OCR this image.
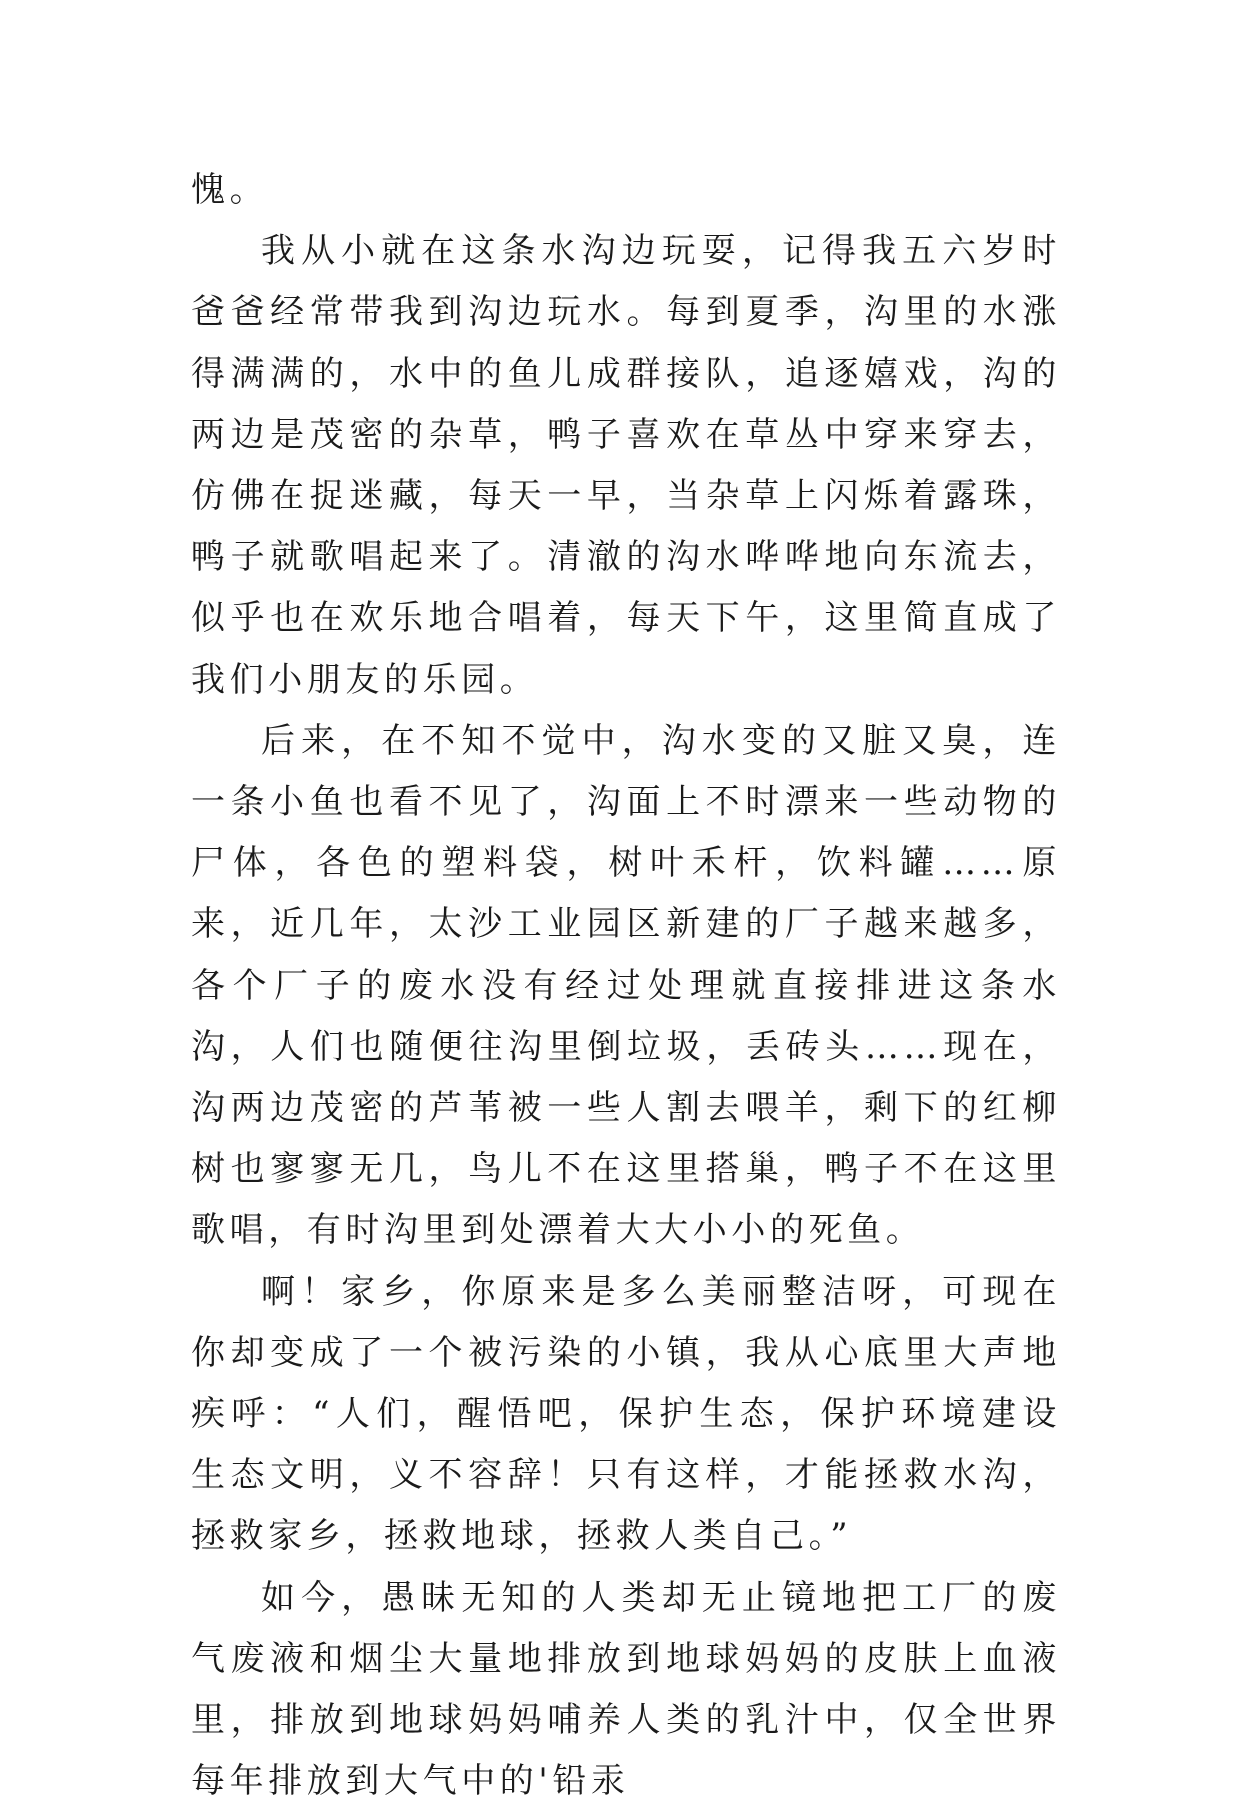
愧。

我从小就在这条水沟边玩耍，记得我五六岁时爸爸经常带我到沟边玩水。每到夏季，沟里的水涨得满满的，水中的鱼儿成群接队，追逐嬉戏，沟的两边是茂密的杂草，鸭子喜欢在草丛中穿来穿去，仿佛在捉迷藏，每天一早，当杂草上闪烁着露珠，鸭子就歌唱起来了。清澈的沟水哗哗地向东流去，似乎也在欢乐地合唱着，每天下午，这里简直成了我们小朋友的乐园。

后来，在不知不觉中，沟水变的又脏又臭，连一条小鱼也看不见了，沟面上不时漂来一些动物的尸体，各色的塑料袋，树叶禾杆，饮料罐……原来，近几年，太沙工业园区新建的厂子越来越多，各个厂子的废水没有经过处理就直接排进这条水沟，人们也随便往沟里倒垃圾，丢砖头……现在，沟两边茂密的芦苇被一些人割去喂羊，剩下的红柳树也寥寥无几，鸟儿不在这里搭巢，鸭子不在这里歌唱，有时沟里到处漂着大大小小的死鱼。

啊！家乡，你原来是多么美丽整洁呀，可现在你却变成了一个被污染的小镇，我从心底里大声地疾呼：“人们，醒悟吧，保护生态，保护环境建设生态文明，义不容辞！只有这样，才能拯救水沟，拯救家乡，拯救地球，拯救人类自己。”

如今，愚昧无知的人类却无止镜地把工厂的废气废液和烟尘大量地排放到地球妈妈的皮肤上血液里，排放到地球妈妈哺养人类的乳汁中，仅全世界每年排放到大气中的'铅汞
